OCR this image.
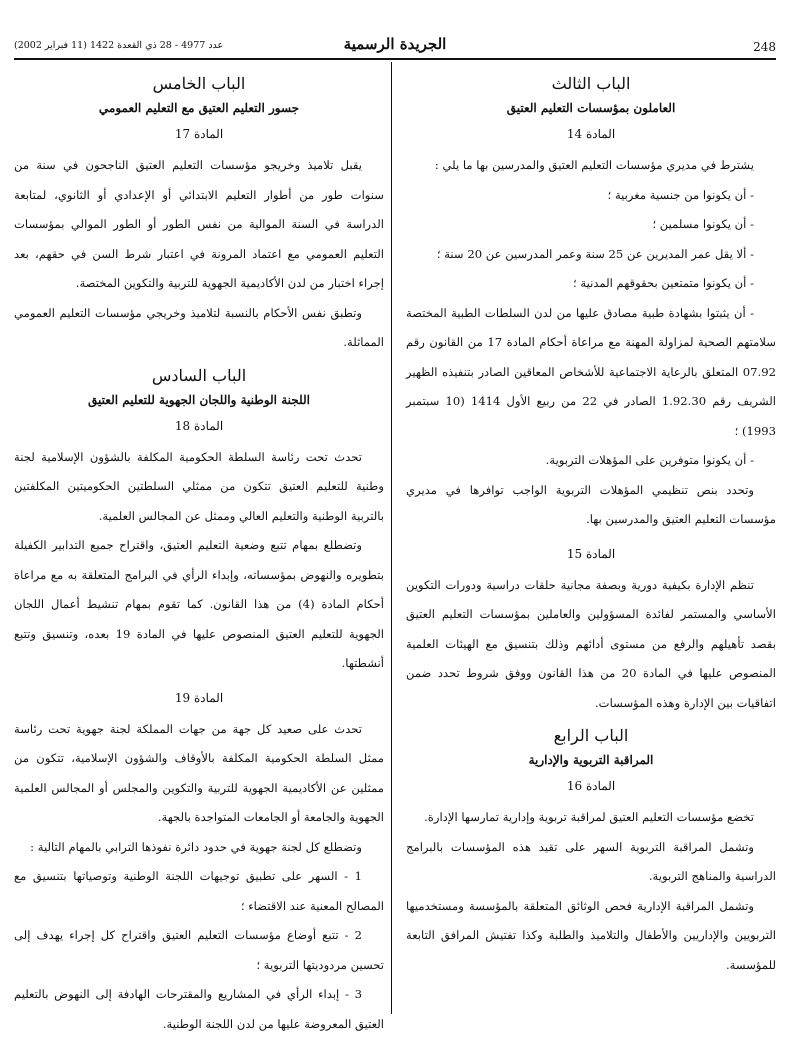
248
الجريدة الرسمية
عدد 4977 - 28 ذي القعدة 1422 (11 فبراير 2002)
الباب الثالث
العاملون بمؤسسات التعليم العتيق
المادة 14

يشترط في مديري مؤسسات التعليم العتيق والمدرسين بها ما يلي :

- أن يكونوا من جنسية مغربية ؛

- أن يكونوا مسلمين ؛

- ألا يقل عمر المديرين عن 25 سنة وعمر المدرسين عن 20 سنة ؛

- أن يكونوا متمتعين بحقوقهم المدنية ؛

- أن يثبتوا بشهادة طبية مصادق عليها من لدن السلطات الطبية المختصة سلامتهم الصحية لمزاولة المهنة مع مراعاة أحكام المادة 17 من القانون رقم 07.92 المتعلق بالرعاية الاجتماعية للأشخاص المعاقين الصادر بتنفيذه الظهير الشريف رقم 1.92.30 الصادر في 22 من ربيع الأول 1414 (10 سبتمبر 1993) ؛

- أن يكونوا متوفرين على المؤهلات التربوية.

وتحدد بنص تنظيمي المؤهلات التربوية الواجب توافرها في مديري مؤسسات التعليم العتيق والمدرسين بها.

المادة 15

تنظم الإدارة بكيفية دورية وبصفة مجانية حلقات دراسية ودورات التكوين الأساسي والمستمر لفائدة المسؤولين والعاملين بمؤسسات التعليم العتيق بقصد تأهيلهم والرفع من مستوى أدائهم وذلك بتنسيق مع الهيئات العلمية المنصوص عليها في المادة 20 من هذا القانون ووفق شروط تحدد ضمن اتفاقيات بين الإدارة وهذه المؤسسات.

الباب الرابع
المراقبة التربوية والإدارية
المادة 16

تخضع مؤسسات التعليم العتيق لمراقبة تربوية وإدارية تمارسها الإدارة.

وتشمل المراقبة التربوية السهر على تقيد هذه المؤسسات بالبرامج الدراسية والمناهج التربوية.

وتشمل المراقبة الإدارية فحص الوثائق المتعلقة بالمؤسسة ومستخدميها التربويين والإداريين والأطفال والتلاميذ والطلبة وكذا تفتيش المرافق التابعة للمؤسسة.

الباب الخامس
جسور التعليم العتيق مع التعليم العمومي
المادة 17

يقبل تلاميذ وخريجو مؤسسات التعليم العتيق الناجحون في سنة من سنوات طور من أطوار التعليم الابتدائي أو الإعدادي أو الثانوي، لمتابعة الدراسة في السنة الموالية من نفس الطور أو الطور الموالي بمؤسسات التعليم العمومي مع اعتماد المرونة في اعتبار شرط السن في حقهم، بعد إجراء اختبار من لدن الأكاديمية الجهوية للتربية والتكوين المختصة.

وتطبق نفس الأحكام بالنسبة لتلاميذ وخريجي مؤسسات التعليم العمومي المماثلة.

الباب السادس
اللجنة الوطنية واللجان الجهوية للتعليم العتيق
المادة 18

تحدث تحت رئاسة السلطة الحكومية المكلفة بالشؤون الإسلامية لجنة وطنية للتعليم العتيق تتكون من ممثلي السلطتين الحكوميتين المكلفتين بالتربية الوطنية والتعليم العالي وممثل عن المجالس العلمية.

وتضطلع بمهام تتبع وضعية التعليم العتيق، واقتراح جميع التدابير الكفيلة بتطويره والنهوض بمؤسساته، وإبداء الرأي في البرامج المتعلقة به مع مراعاة أحكام المادة (4) من هذا القانون. كما تقوم بمهام تنشيط أعمال اللجان الجهوية للتعليم العتيق المنصوص عليها في المادة 19 بعده، وتنسيق وتتبع أنشطتها.

المادة 19

تحدث على صعيد كل جهة من جهات المملكة لجنة جهوية تحت رئاسة ممثل السلطة الحكومية المكلفة بالأوقاف والشؤون الإسلامية، تتكون من ممثلين عن الأكاديمية الجهوية للتربية والتكوين والمجلس أو المجالس العلمية الجهوية والجامعة أو الجامعات المتواجدة بالجهة.

وتضطلع كل لجنة جهوية في حدود دائرة نفوذها الترابي بالمهام التالية :

1 - السهر على تطبيق توجيهات اللجنة الوطنية وتوصياتها بتنسيق مع المصالح المعنية عند الاقتضاء ؛

2 - تتبع أوضاع مؤسسات التعليم العتيق واقتراح كل إجراء يهدف إلى تحسين مردوديتها التربوية ؛

3 - إبداء الرأي في المشاريع والمقترحات الهادفة إلى النهوض بالتعليم العتيق المعروضة عليها من لدن اللجنة الوطنية.
